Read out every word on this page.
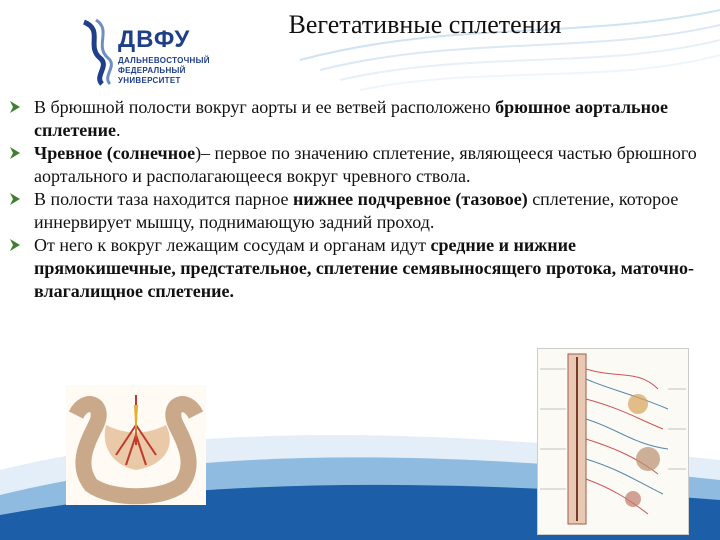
ДВФУ
ДАЛЬНЕВОСТОЧНЫЙ
ФЕДЕРАЛЬНЫЙ
УНИВЕРСИТЕТ
Вегетативные сплетения
В брюшной полости вокруг аорты и ее ветвей расположено брюшное аортальное сплетение.
Чревное (солнечное)– первое по значению сплетение, являющееся частью брюшного аортального и располагающееся вокруг чревного ствола.
В полости таза находится парное нижнее подчревное (тазовое) сплетение, которое иннервирует мышцу, поднимающую задний проход.
От него к вокруг лежащим сосудам и органам идут средние и нижние прямокишечные, предстательное, сплетение семявыносящего протока, маточно-влагалищное сплетение.
